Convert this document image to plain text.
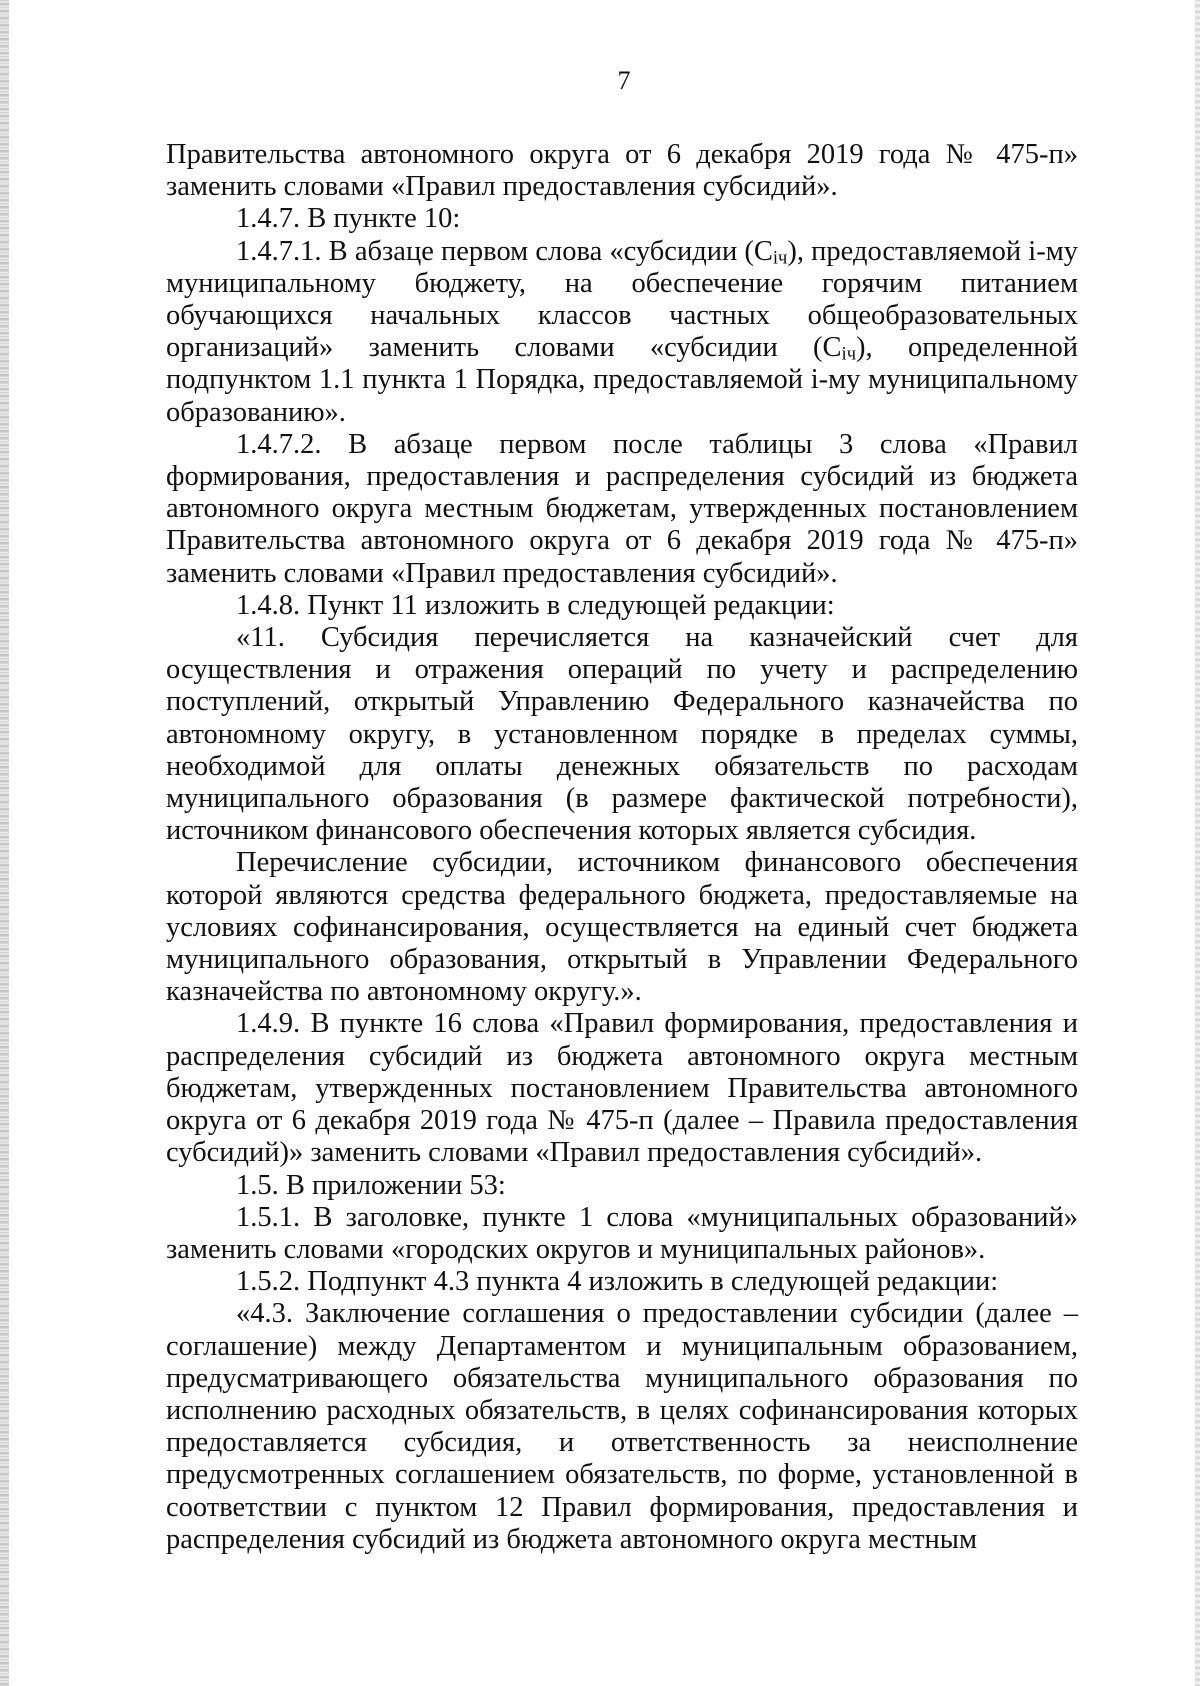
7

Правительства автономного округа от 6 декабря 2019 года № 475-п» заменить словами «Правил предоставления субсидий».

1.4.7. В пункте 10:

1.4.7.1. В абзаце первом слова «субсидии $(С_{iч})$, предоставляемой i-му муниципальному бюджету, на обеспечение горячим питанием обучающихся начальных классов частных общеобразовательных организаций» заменить словами «субсидии $(С_{iч})$, определенной подпунктом 1.1 пункта 1 Порядка, предоставляемой i-му муниципальному образованию».

1.4.7.2. В абзаце первом после таблицы 3 слова «Правил формирования, предоставления и распределения субсидий из бюджета автономного округа местным бюджетам, утвержденных постановлением Правительства автономного округа от 6 декабря 2019 года № 475-п» заменить словами «Правил предоставления субсидий».

1.4.8. Пункт 11 изложить в следующей редакции:

«11. Субсидия перечисляется на казначейский счет для осуществления и отражения операций по учету и распределению поступлений, открытый Управлению Федерального казначейства по автономному округу, в установленном порядке в пределах суммы, необходимой для оплаты денежных обязательств по расходам муниципального образования (в размере фактической потребности), источником финансового обеспечения которых является субсидия.

Перечисление субсидии, источником финансового обеспечения которой являются средства федерального бюджета, предоставляемые на условиях софинансирования, осуществляется на единый счет бюджета муниципального образования, открытый в Управлении Федерального казначейства по автономному округу.».

1.4.9. В пункте 16 слова «Правил формирования, предоставления и распределения субсидий из бюджета автономного округа местным бюджетам, утвержденных постановлением Правительства автономного округа от 6 декабря 2019 года № 475-п (далее – Правила предоставления субсидий)» заменить словами «Правил предоставления субсидий».

1.5. В приложении 53:

1.5.1. В заголовке, пункте 1 слова «муниципальных образований» заменить словами «городских округов и муниципальных районов».

1.5.2. Подпункт 4.3 пункта 4 изложить в следующей редакции:

«4.3. Заключение соглашения о предоставлении субсидии (далее – соглашение) между Департаментом и муниципальным образованием, предусматривающего обязательства муниципального образования по исполнению расходных обязательств, в целях софинансирования которых предоставляется субсидия, и ответственность за неисполнение предусмотренных соглашением обязательств, по форме, установленной в соответствии с пунктом 12 Правил формирования, предоставления и распределения субсидий из бюджета автономного округа местным
